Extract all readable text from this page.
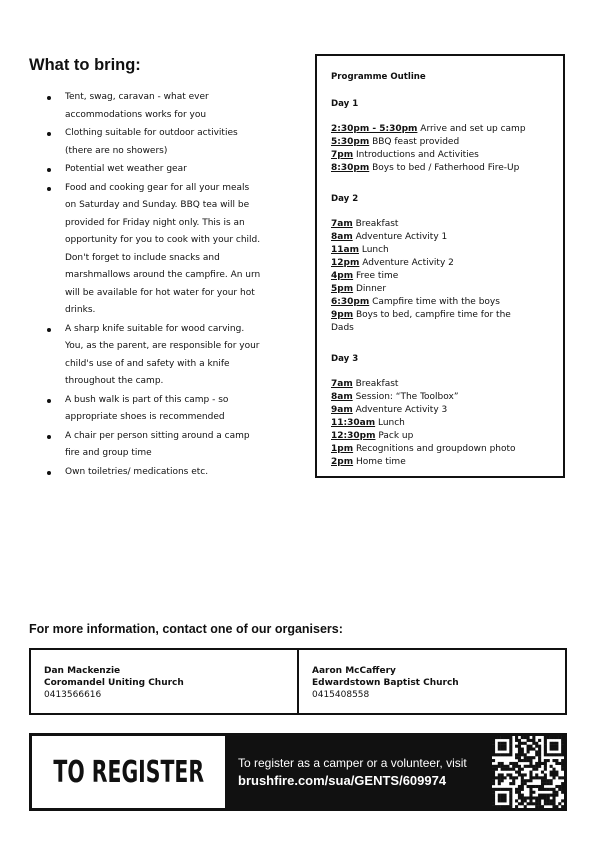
What to bring:
Tent, swag, caravan - what ever
accommodations works for you
Clothing suitable for outdoor activities
(there are no showers)
Potential wet weather gear
Food and cooking gear for all your meals
on Saturday and Sunday. BBQ tea will be
provided for Friday night only. This is an
opportunity for you to cook with your child.
Don't forget to include snacks and
marshmallows around the campfire. An urn
will be available for hot water for your hot
drinks.
A sharp knife suitable for wood carving.
You, as the parent, are responsible for your
child's use of and safety with a knife
throughout the camp.
A bush walk is part of this camp - so
appropriate shoes is recommended
A chair per person sitting around a camp
fire and group time
Own toiletries/ medications etc.
Programme Outline
Day 1
2:30pm - 5:30pm Arrive and set up camp
5:30pm BBQ feast provided
7pm Introductions and Activities
8:30pm Boys to bed / Fatherhood Fire-Up
Day 2
7am Breakfast
8am Adventure Activity 1
11am Lunch
12pm Adventure Activity 2
4pm Free time
5pm Dinner
6:30pm Campfire time with the boys
9pm Boys to bed, campfire time for the
Dads
Day 3
7am Breakfast
8am Session: “The Toolbox”
9am Adventure Activity 3
11:30am Lunch
12:30pm Pack up
1pm Recognitions and groupdown photo
2pm Home time
For more information, contact one of our organisers:
Dan Mackenzie
Coromandel Uniting Church
0413566616
Aaron McCaffery
Edwardstown Baptist Church
0415408558
TO REGISTER	To register as a camper or a volunteer, visit
brushfire.com/sua/GENTS/609974
